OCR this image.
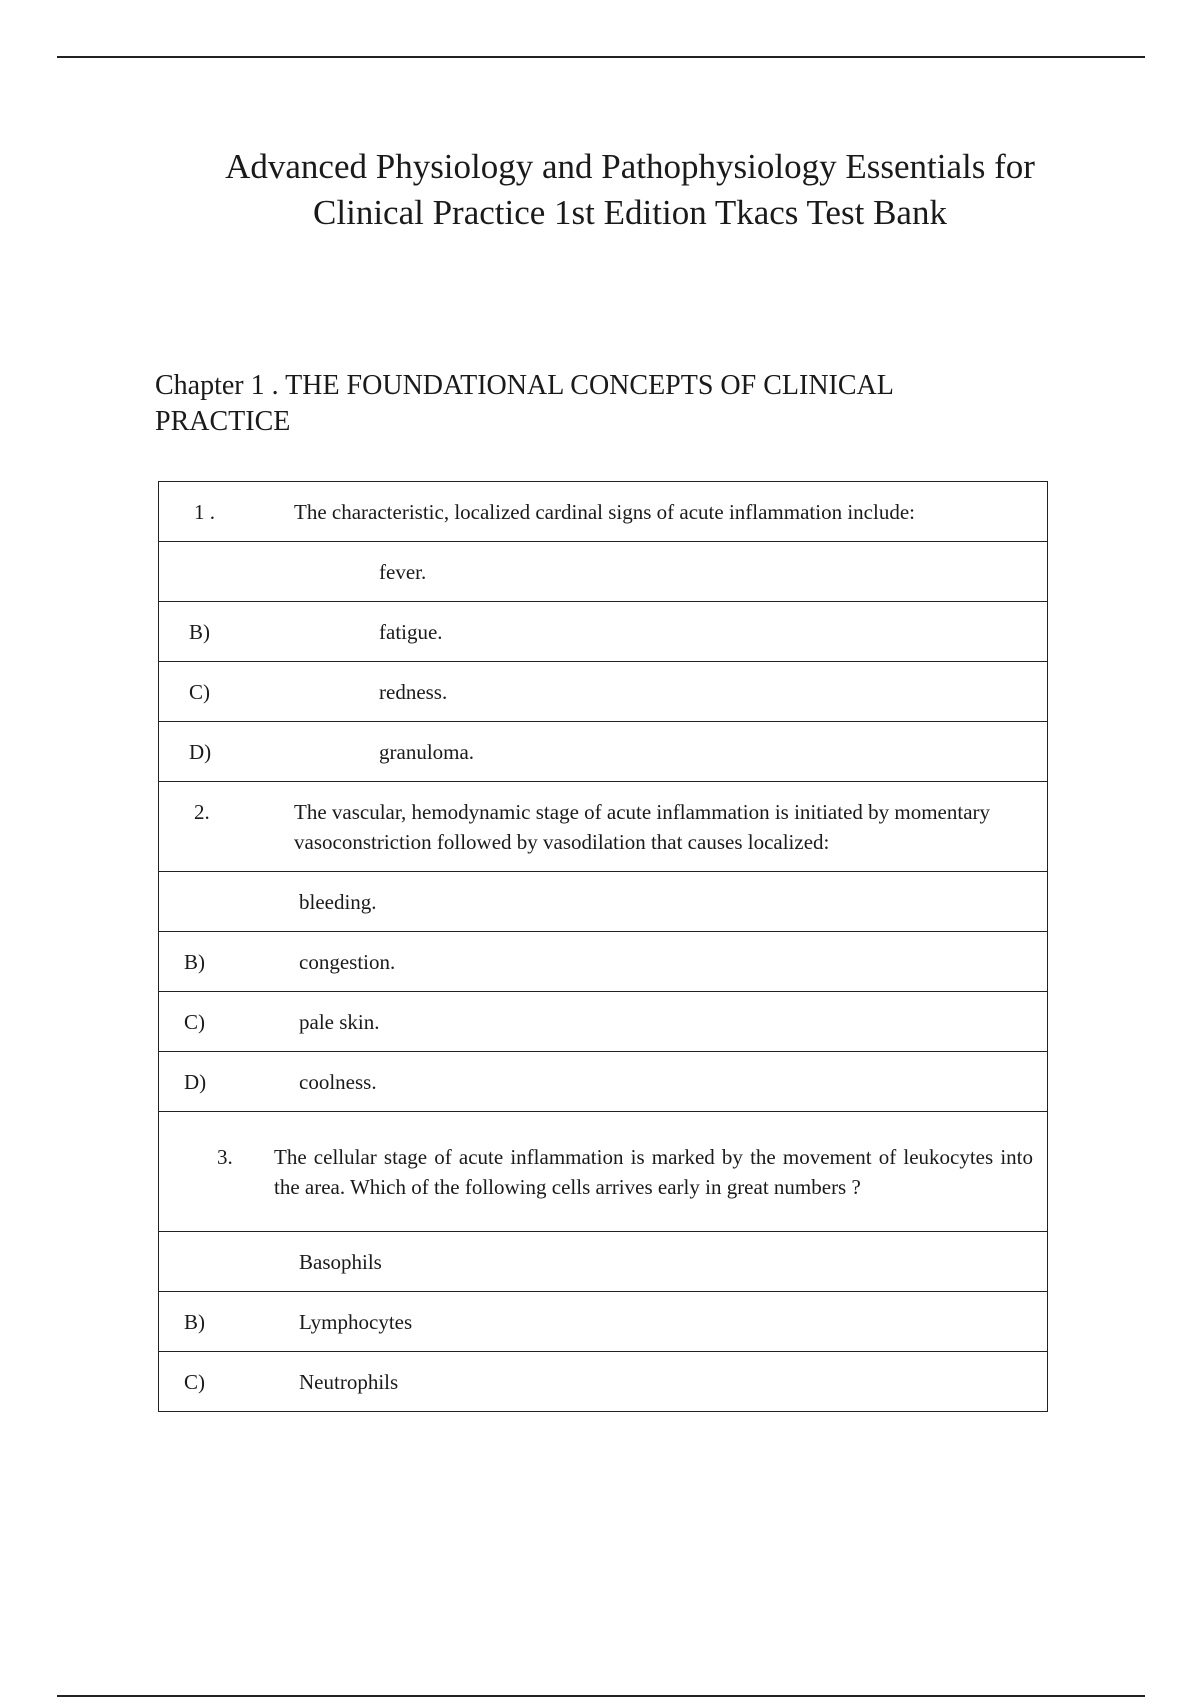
Advanced Physiology and Pathophysiology Essentials for
Clinical Practice 1st Edition Tkacs Test Bank
Chapter 1 . THE FOUNDATIONAL CONCEPTS OF CLINICAL
PRACTICE
1 .	The characteristic, localized cardinal signs of acute inflammation include:

fever.

B)	fatigue.

C)	redness.

D)	granuloma.

2.	The vascular, hemodynamic stage of acute inflammation is initiated by momentary vasoconstriction followed by vasodilation that causes localized:

bleeding.

B)	congestion.

C)	pale skin.

D)	coolness.

3.	The cellular stage of acute inflammation is marked by the movement of leukocytes into the area. Which of the following cells arrives early in great numbers ?

Basophils

B)	Lymphocytes

C)	Neutrophils
